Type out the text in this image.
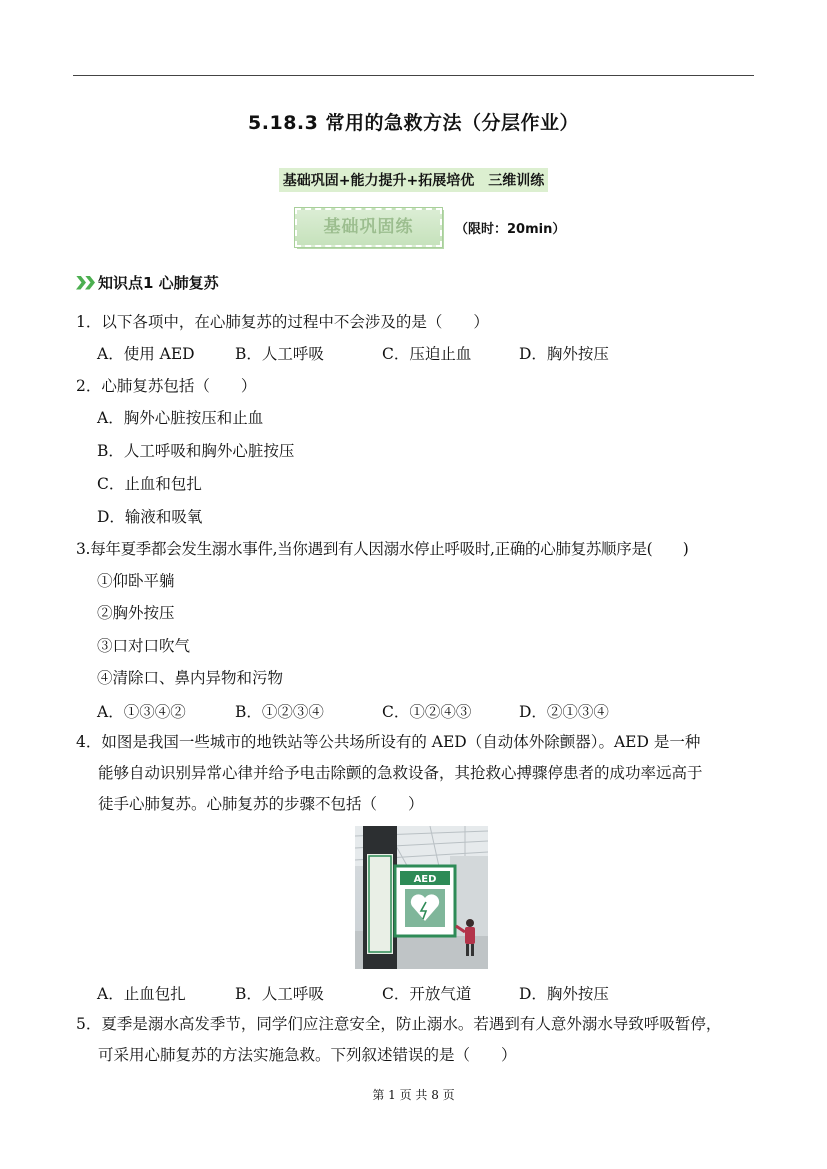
5.18.3 常用的急救方法（分层作业）
基础巩固+能力提升+拓展培优　三维训练
基础巩固练	（限时：20min）
知识点1 心肺复苏
1．以下各项中，在心肺复苏的过程中不会涉及的是（　　）
A．使用 AED	B．人工呼吸	C．压迫止血	D．胸外按压
2．心肺复苏包括（　　）
A．胸外心脏按压和止血
B．人工呼吸和胸外心脏按压
C．止血和包扎
D．输液和吸氧
3.每年夏季都会发生溺水事件,当你遇到有人因溺水停止呼吸时,正确的心肺复苏顺序是(　　)
①仰卧平躺
②胸外按压
③口对口吹气
④清除口、鼻内异物和污物
A．①③④②	B．①②③④	C．①②④③	D．②①③④
4．如图是我国一些城市的地铁站等公共场所设有的 AED（自动体外除颤器）。AED 是一种
能够自动识别异常心律并给予电击除颤的急救设备，其抢救心搏骤停患者的成功率远高于
徒手心肺复苏。心肺复苏的步骤不包括（　　）
AED
A．止血包扎	B．人工呼吸	C．开放气道	D．胸外按压
5．夏季是溺水高发季节，同学们应注意安全，防止溺水。若遇到有人意外溺水导致呼吸暂停，
可采用心肺复苏的方法实施急救。下列叙述错误的是（　　）
第 1 页 共 8 页
